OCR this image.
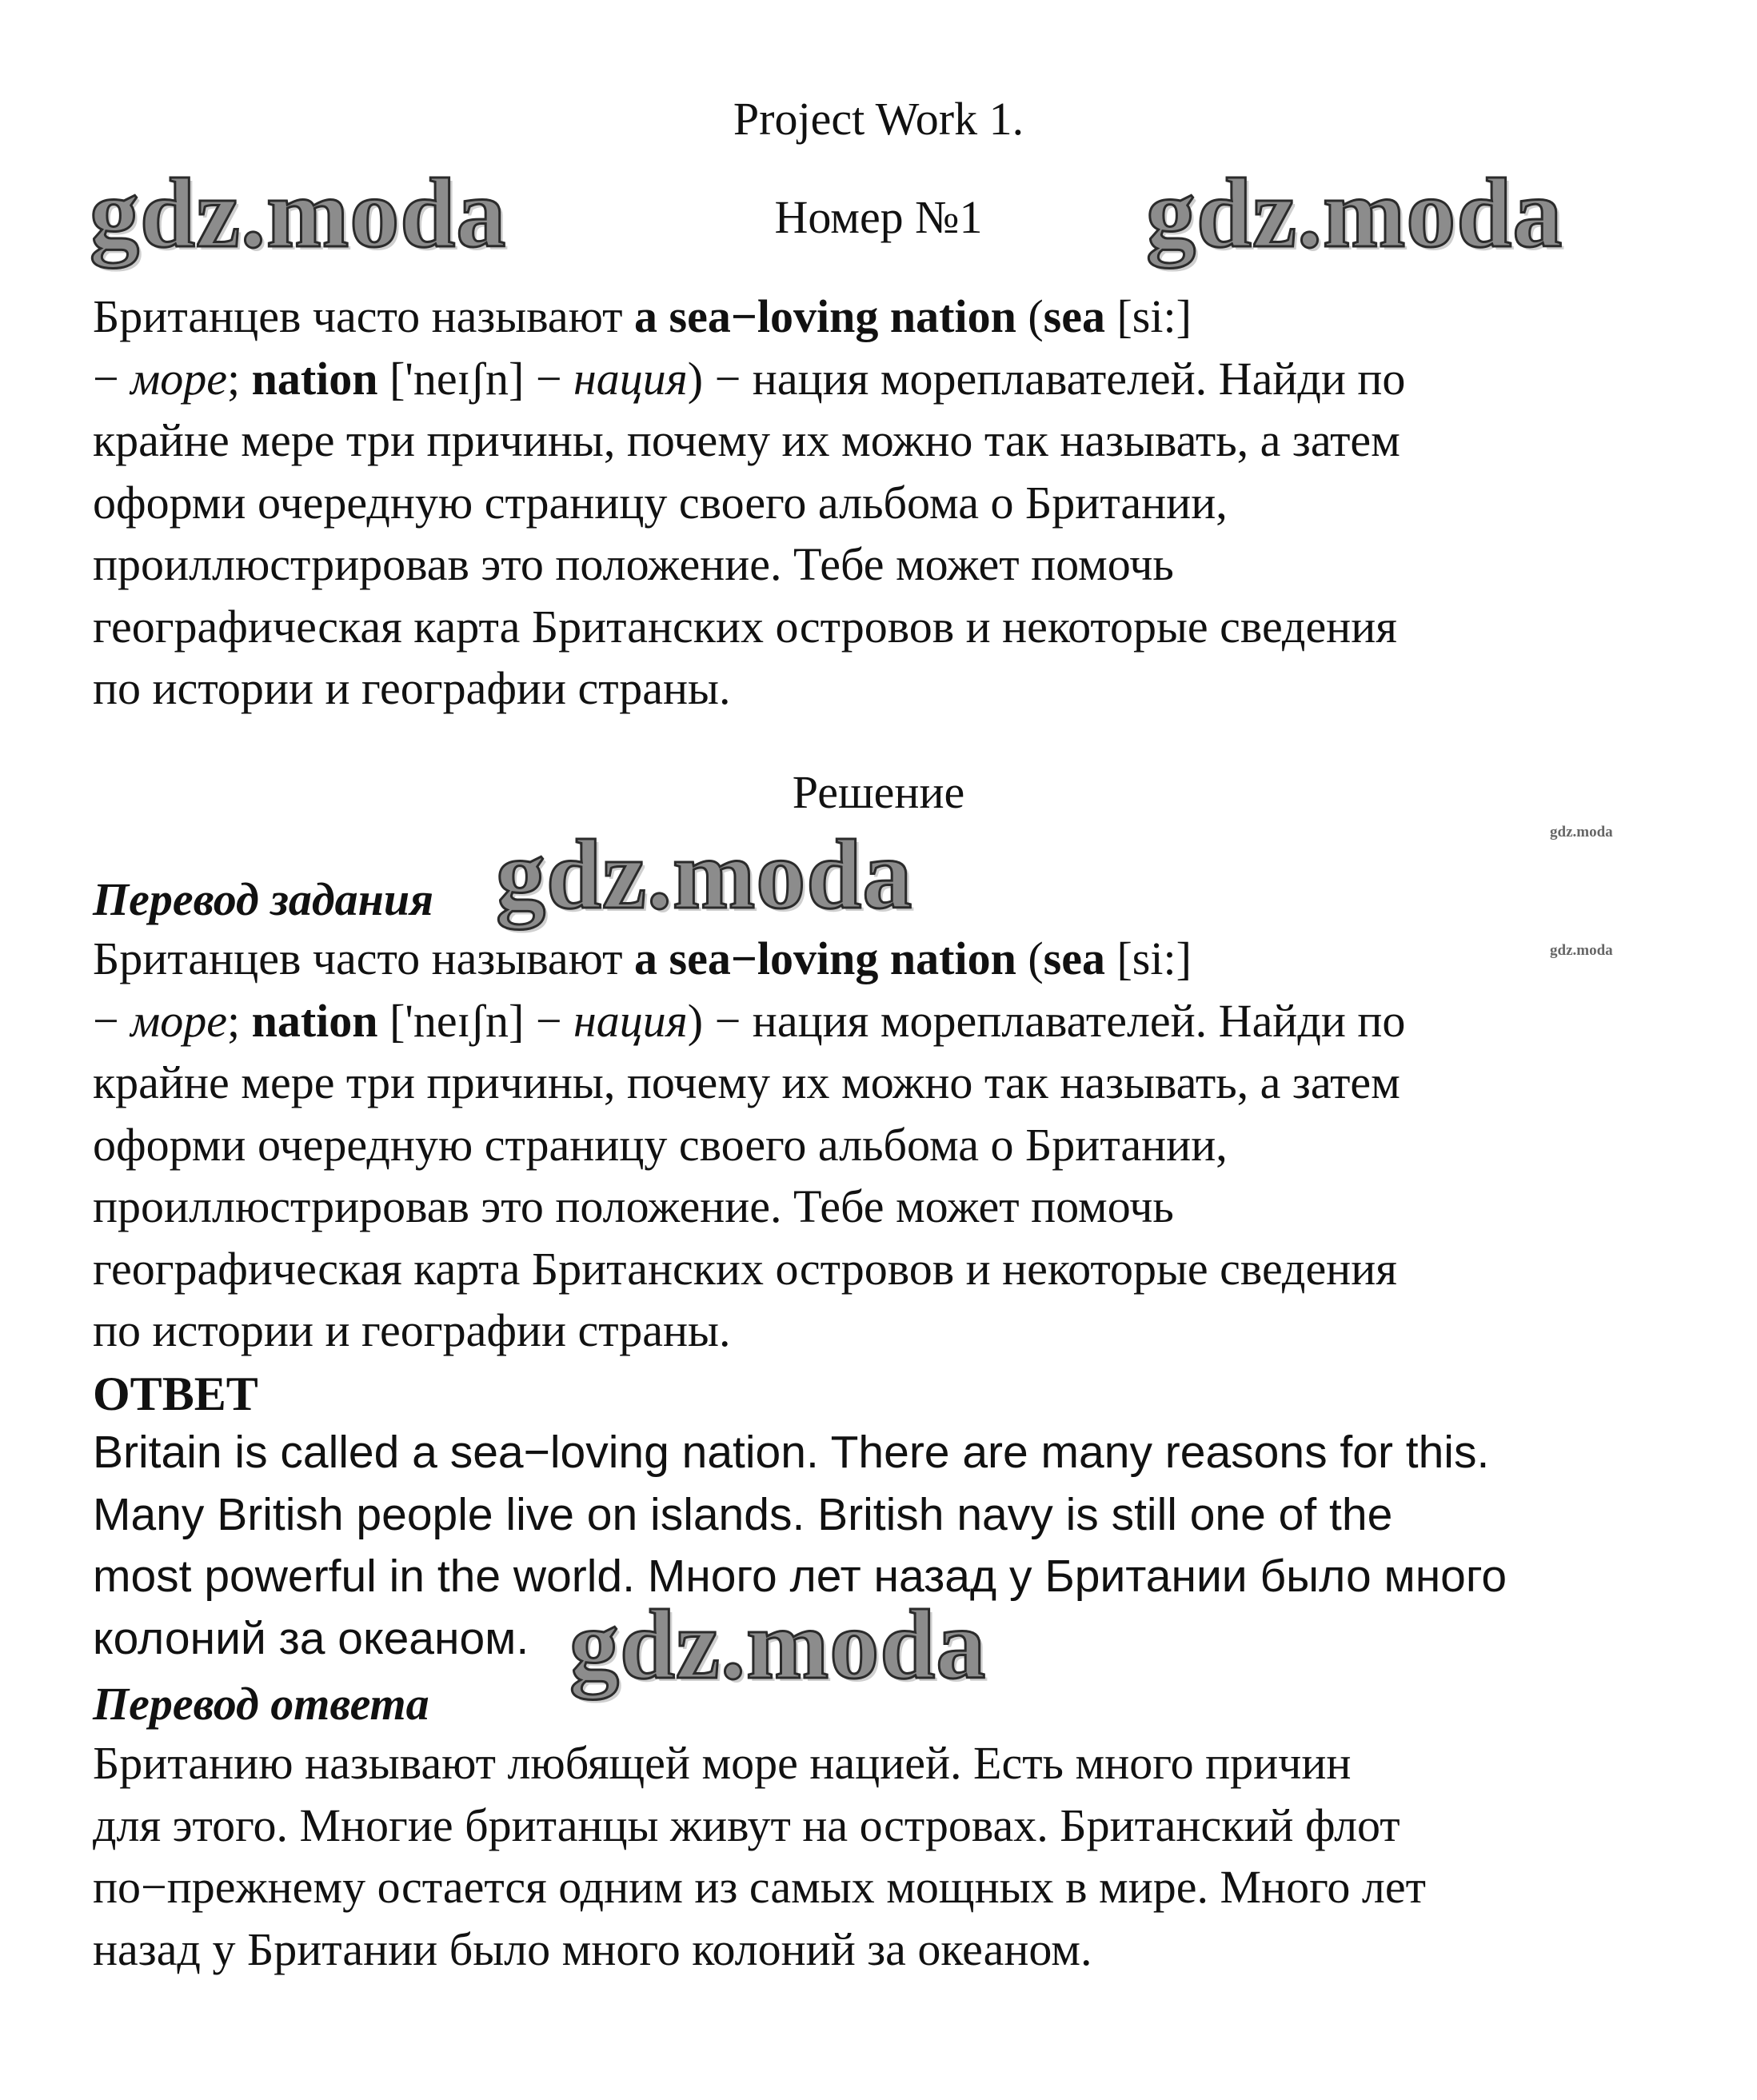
Project Work 1.
Номер №1
gdz.moda	gdz.moda
gdz.moda
gdz.moda
gdz.moda
gdz.moda
Британцев часто называют a sea−loving nation (sea [si:]
− море; nation ['neɪʃn] − нация) − нация мореплавателей. Найди по
крайне мере три причины, почему их можно так называть, а затем
оформи очередную страницу своего альбома о Британии,
проиллюстрировав это положение. Тебе может помочь
географическая карта Британских островов и некоторые сведения
по истории и географии страны.
Решение
Перевод задания
Британцев часто называют a sea−loving nation (sea [si:]
− море; nation ['neɪʃn] − нация) − нация мореплавателей. Найди по
крайне мере три причины, почему их можно так называть, а затем
оформи очередную страницу своего альбома о Британии,
проиллюстрировав это положение. Тебе может помочь
географическая карта Британских островов и некоторые сведения
по истории и географии страны.
ОТВЕТ
Britain is called a sea−loving nation. There are many reasons for this.
Many British people live on islands. British navy is still one of the
most powerful in the world. Много лет назад у Британии было много
колоний за океаном.
Перевод ответа
Британию называют любящей море нацией. Есть много причин
для этого. Многие британцы живут на островах. Британский флот
по−прежнему остается одним из самых мощных в мире. Много лет
назад у Британии было много колоний за океаном.
